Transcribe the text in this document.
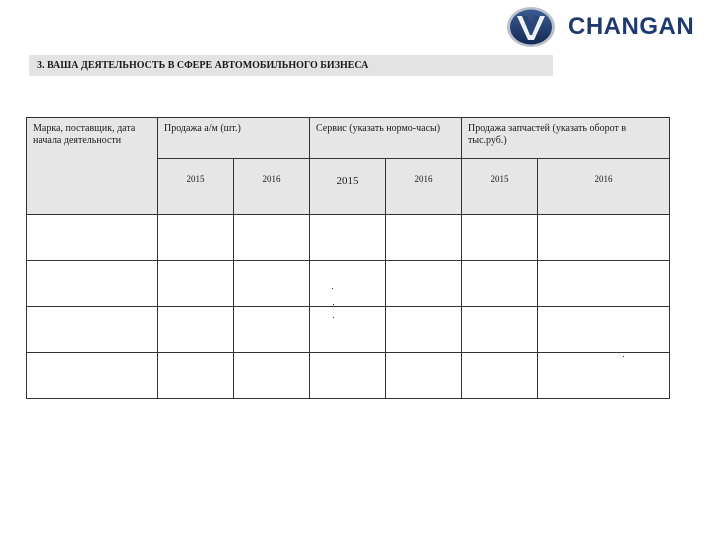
CHANGAN
3. ВАША ДЕЯТЕЛЬНОСТЬ В СФЕРЕ АВТОМОБИЛЬНОГО БИЗНЕСА
Марка, поставщик, дата начала деятельности	Продажа а/м (шт.)		Сервис (указать нормо-часы)		Продажа запчастей (указать оборот в тыс.руб.)	

	2015	2016	2015	2016	2015	2016
